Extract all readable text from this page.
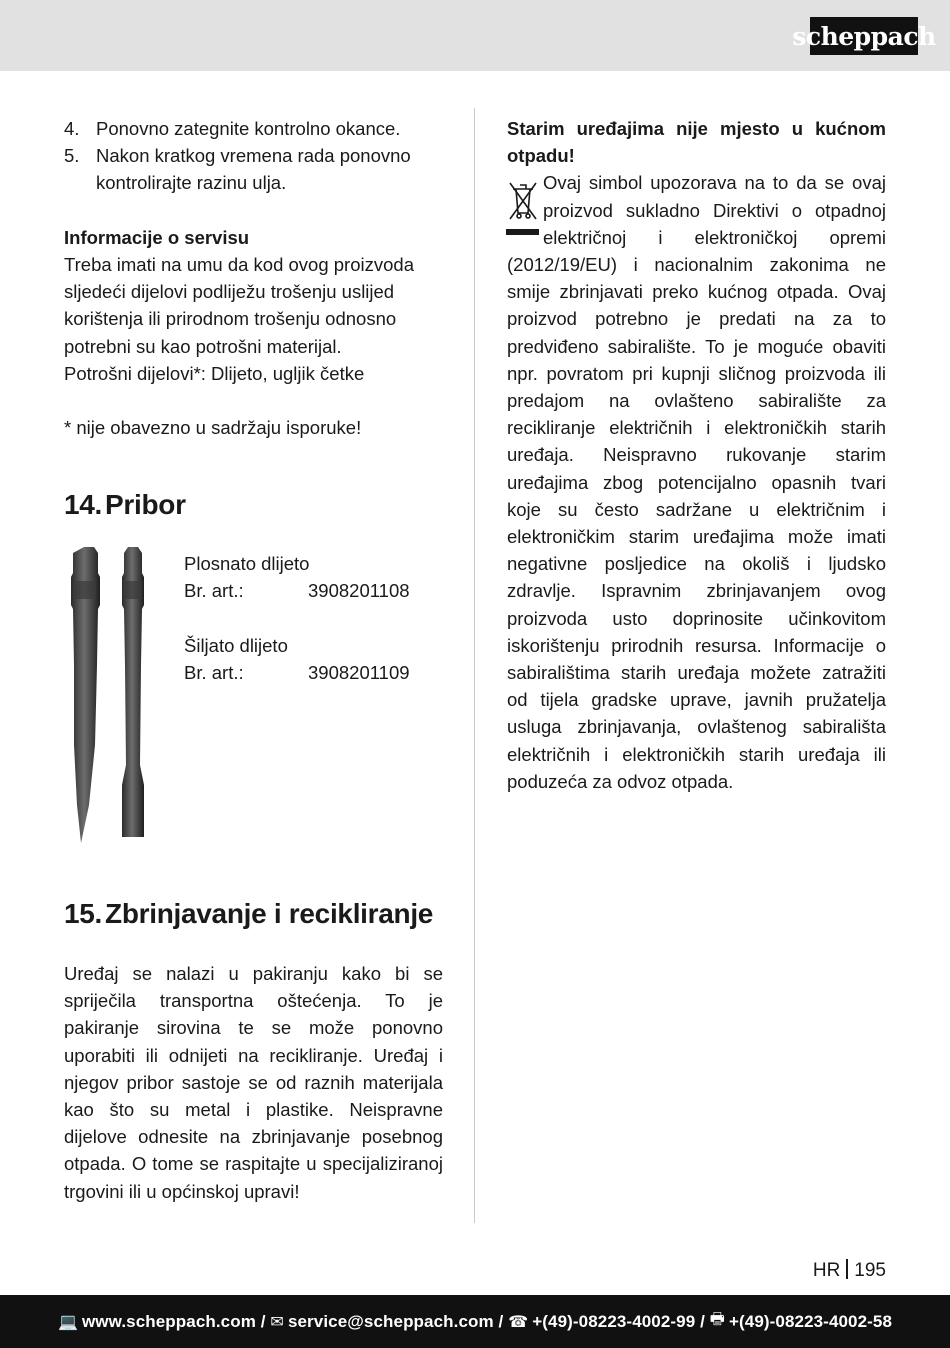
scheppach
4. Ponovno zategnite kontrolno okance.
5. Nakon kratkog vremena rada ponovno kontrolirajte razinu ulja.

Informacije o servisu

Treba imati na umu da kod ovog proizvoda sljedeći dijelovi podliježu trošenju uslijed korištenja ili prirodnom trošenju odnosno potrebni su kao potrošni materijal.

Potrošni dijelovi*: Dlijeto, ugljik četke

* nije obavezno u sadržaju isporuke!

14. Pribor

Plosnato dlijeto

Br. art.:	3908201108

Šiljato dlijeto

Br. art.:	3908201109
15. Zbrinjavanje i recikliranje

Uređaj se nalazi u pakiranju kako bi se spriječila transportna oštećenja. To je pakiranje sirovina te se može ponovno uporabiti ili odnijeti na recikliranje. Uređaj i njegov pribor sastoje se od raznih materijala kao što su metal i plastike. Neispravne dijelove odnesite na zbrinjavanje posebnog otpada. O tome se raspitajte u specijaliziranoj trgovini ili u općinskoj upravi!

Starim uređajima nije mjesto u kućnom otpadu!

Ovaj simbol upozorava na to da se ovaj proizvod sukladno Direktivi o otpadnoj električnoj i elektroničkoj opremi (2012/19/EU) i nacionalnim zakonima ne smije zbrinjavati preko kućnog otpada. Ovaj proizvod potrebno je predati na za to predviđeno sabiralište. To je moguće obaviti npr. povratom pri kupnji sličnog proizvoda ili predajom na ovlašteno sabiralište za recikliranje električnih i elektroničkih starih uređaja. Neispravno rukovanje starim uređajima zbog potencijalno opasnih tvari koje su često sadržane u električnim i elektroničkim starim uređajima može imati negativne posljedice na okoliš i ljudsko zdravlje. Ispravnim zbrinjavanjem ovog proizvoda usto doprinosite učinkovitom iskorištenju prirodnih resursa. Informacije o sabiralištima starih uređaja možete zatražiti od tijela gradske uprave, javnih pružatelja usluga zbrinjavanja, ovlaštenog sabirališta električnih i elektroničkih starih uređaja ili poduzeća za odvoz otpada.

HR 195
💻 www.scheppach.com /
✉ service@scheppach.com /
☎ +(49)-08223-4002-99 /
🖶 +(49)-08223-4002-58
